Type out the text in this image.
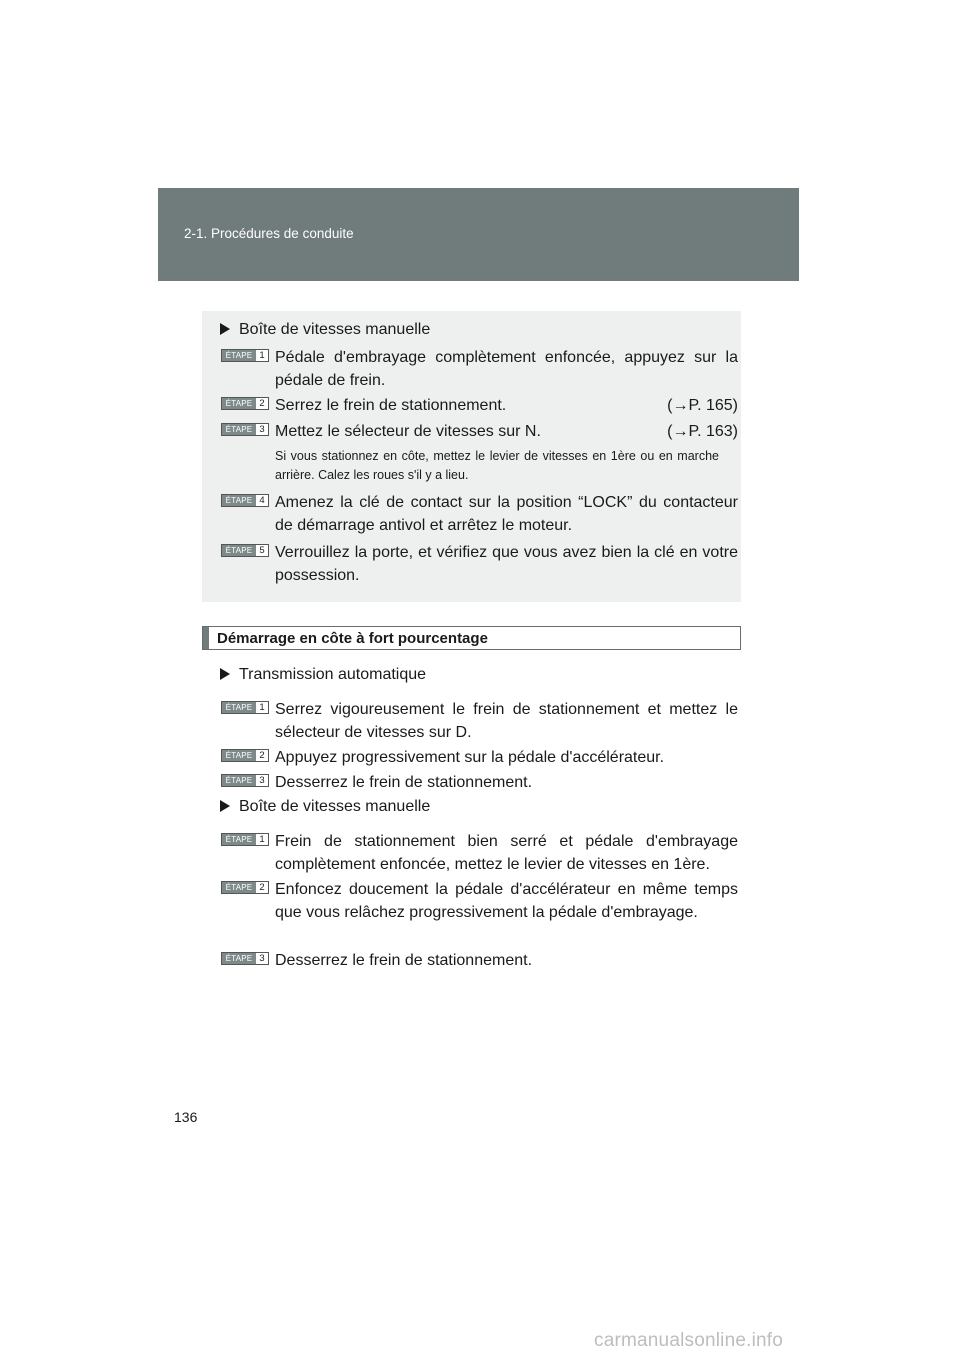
2-1. Procédures de conduite
Boîte de vitesses manuelle
ÉTAPE 1 Pédale d'embrayage complètement enfoncée, appuyez sur la pédale de frein.
ÉTAPE 2 Serrez le frein de stationnement.	(→P. 165)
ÉTAPE 3 Mettez le sélecteur de vitesses sur N.	(→P. 163)
Si vous stationnez en côte, mettez le levier de vitesses en 1ère ou en marche arrière. Calez les roues s'il y a lieu.
ÉTAPE 4 Amenez la clé de contact sur la position “LOCK” du contacteur de démarrage antivol et arrêtez le moteur.
ÉTAPE 5 Verrouillez la porte, et vérifiez que vous avez bien la clé en votre possession.
Démarrage en côte à fort pourcentage
Transmission automatique
ÉTAPE 1 Serrez vigoureusement le frein de stationnement et mettez le sélecteur de vitesses sur D.
ÉTAPE 2 Appuyez progressivement sur la pédale d'accélérateur.
ÉTAPE 3 Desserrez le frein de stationnement.
Boîte de vitesses manuelle
ÉTAPE 1 Frein de stationnement bien serré et pédale d'embrayage complètement enfoncée, mettez le levier de vitesses en 1ère.
ÉTAPE 2 Enfoncez doucement la pédale d'accélérateur en même temps que vous relâchez progressivement la pédale d'embrayage.
ÉTAPE 3 Desserrez le frein de stationnement.
136
carmanualsonline.info
